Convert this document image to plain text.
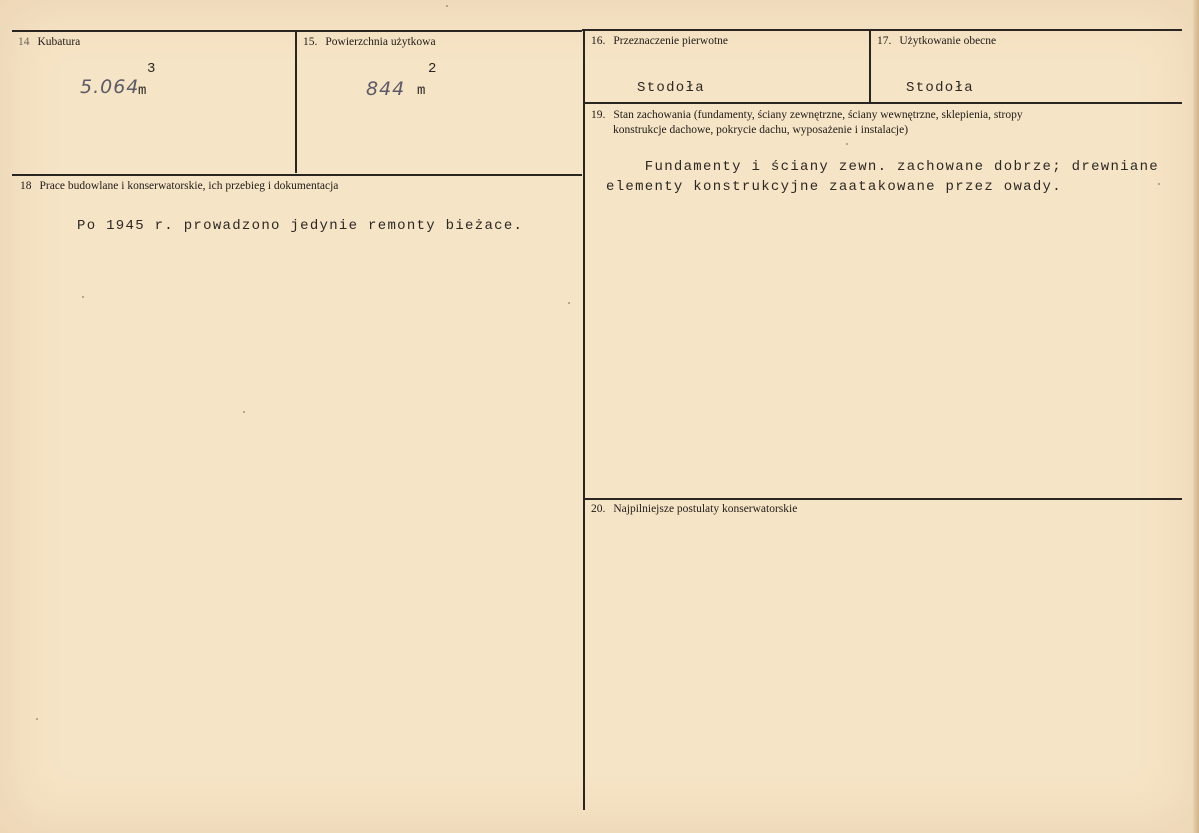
14 Kubatura
5.064
m
3
15. Powierzchnia użytkowa
844 m
2
16. Przeznaczenie pierwotne
Stodoła
17. Użytkowanie obecne
Stodoła
19. Stan zachowania (fundamenty, ściany zewnętrzne, ściany wewnętrzne, sklepienia, stropy
konstrukcje dachowe, pokrycie dachu, wyposażenie i instalacje)
Fundamenty i ściany zewn. zachowane dobrze; drewniane
elementy konstrukcyjne zaatakowane przez owady.
18 Prace budowlane i konserwatorskie, ich przebieg i dokumentacja
Po 1945 r. prowadzono jedynie remonty bieżace.
20. Najpilniejsze postulaty konserwatorskie
